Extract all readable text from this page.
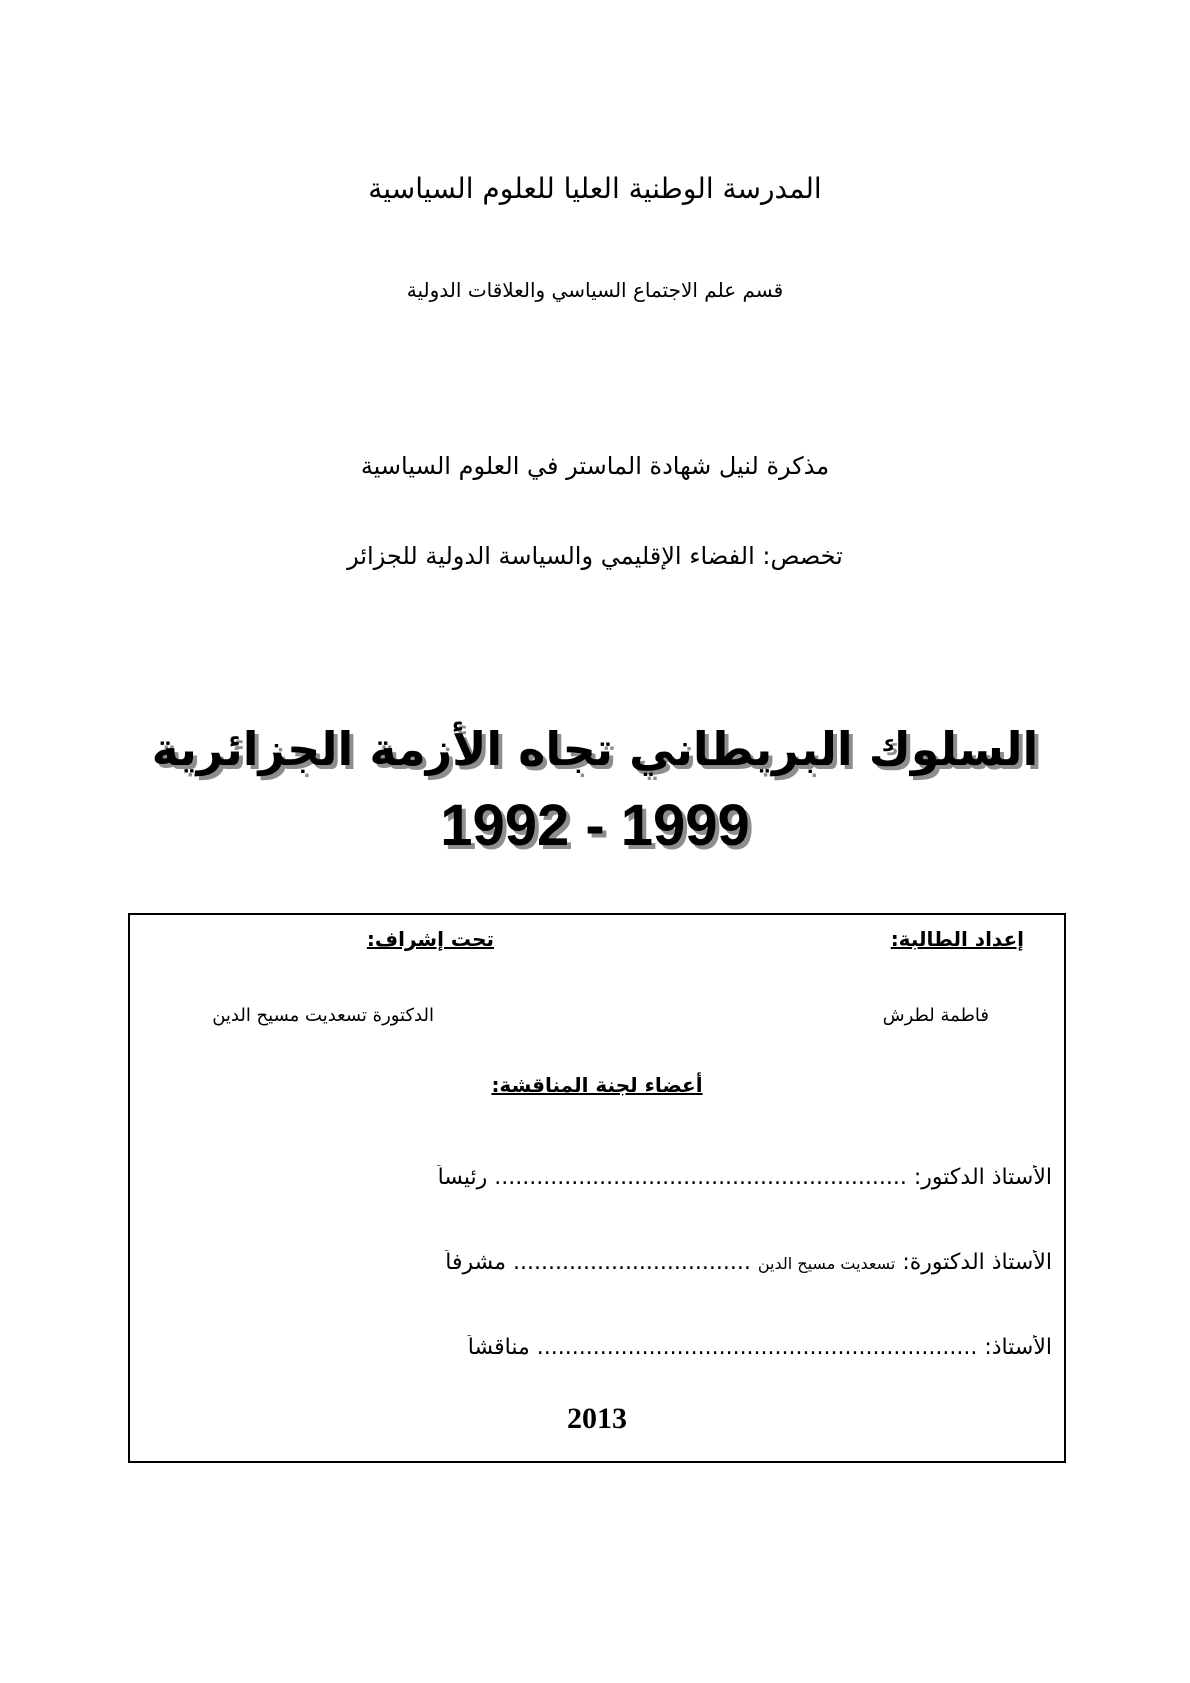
المدرسة الوطنية العليا للعلوم السياسية
قسم علم الاجتماع السياسي والعلاقات الدولية
مذكرة لنيل شهادة الماستر في العلوم السياسية
تخصص: الفضاء الإقليمي والسياسة الدولية للجزائر
السلوك البريطاني تجاه الأزمة الجزائرية
1992 - 1999
إعداد الطالبة:
تحت إشراف:
فاطمة لطرش
الدكتورة تسعديت مسيح الدين
أعضاء لجنة المناقشة:
الأستاذ الدكتور: ........................................................... رئيساً
الأستاذ الدكتورة: تسعديت مسيح الدين .................................. مشرفاً
الأستاذ: ............................................................... مناقشاً
2013
